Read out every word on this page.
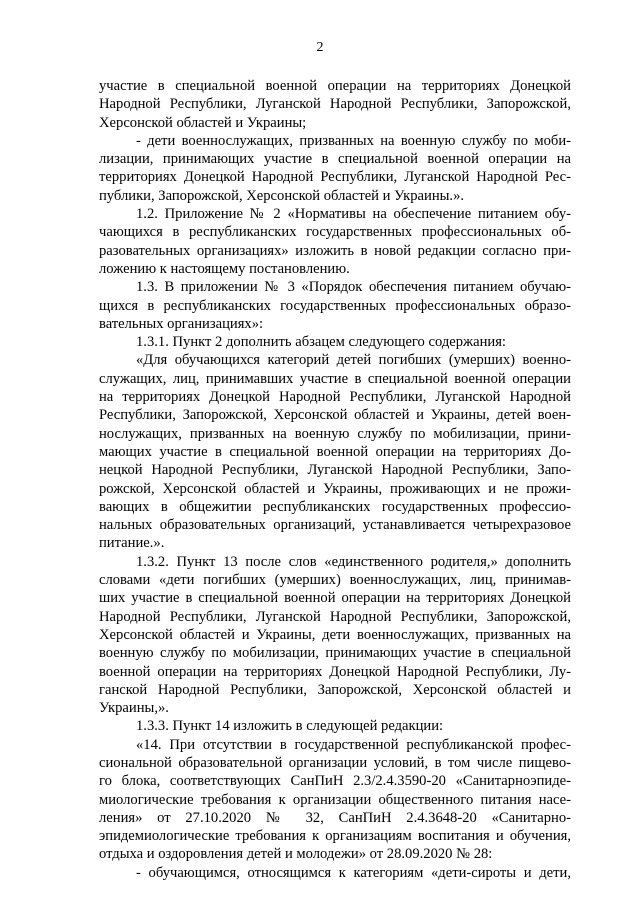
2
участие в специальной военной операции на территориях Донецкой
Народной Республики, Луганской Народной Республики, Запорожской,
Херсонской областей и Украины;
- дети военнослужащих, призванных на военную службу по моби-
лизации, принимающих участие в специальной военной операции на
территориях Донецкой Народной Республики, Луганской Народной Рес-
публики, Запорожской, Херсонской областей и Украины.».
1.2. Приложение № 2 «Нормативы на обеспечение питанием обу-
чающихся в республиканских государственных профессиональных об-
разовательных организациях» изложить в новой редакции согласно при-
ложению к настоящему постановлению.
1.3. В приложении № 3 «Порядок обеспечения питанием обучаю-
щихся в республиканских государственных профессиональных образо-
вательных организациях»:
1.3.1. Пункт 2 дополнить абзацем следующего содержания:
«Для обучающихся категорий детей погибших (умерших) военно-
служащих, лиц, принимавших участие в специальной военной операции
на территориях Донецкой Народной Республики, Луганской Народной
Республики, Запорожской, Херсонской областей и Украины, детей воен-
нослужащих, призванных на военную службу по мобилизации, прини-
мающих участие в специальной военной операции на территориях До-
нецкой Народной Республики, Луганской Народной Республики, Запо-
рожской, Херсонской областей и Украины, проживающих и не прожи-
вающих в общежитии республиканских государственных профессио-
нальных образовательных организаций, устанавливается четырехразовое
питание.».
1.3.2. Пункт 13 после слов «единственного родителя,» дополнить
словами «дети погибших (умерших) военнослужащих, лиц, принимав-
ших участие в специальной военной операции на территориях Донецкой
Народной Республики, Луганской Народной Республики, Запорожской,
Херсонской областей и Украины, дети военнослужащих, призванных на
военную службу по мобилизации, принимающих участие в специальной
военной операции на территориях Донецкой Народной Республики, Лу-
ганской Народной Республики, Запорожской, Херсонской областей и
Украины,».
1.3.3. Пункт 14 изложить в следующей редакции:
«14. При отсутствии в государственной республиканской профес-
сиональной образовательной организации условий, в том числе пищево-
го блока, соответствующих СанПиН 2.3/2.4.3590-20 «Санитарноэпиде-
миологические требования к организации общественного питания насе-
ления» от 27.10.2020 № 32, СанПиН 2.4.3648-20 «Санитарно-
эпидемиологические требования к организациям воспитания и обучения,
отдыха и оздоровления детей и молодежи» от 28.09.2020 № 28:
- обучающимся, относящимся к категориям «дети-сироты и дети,
